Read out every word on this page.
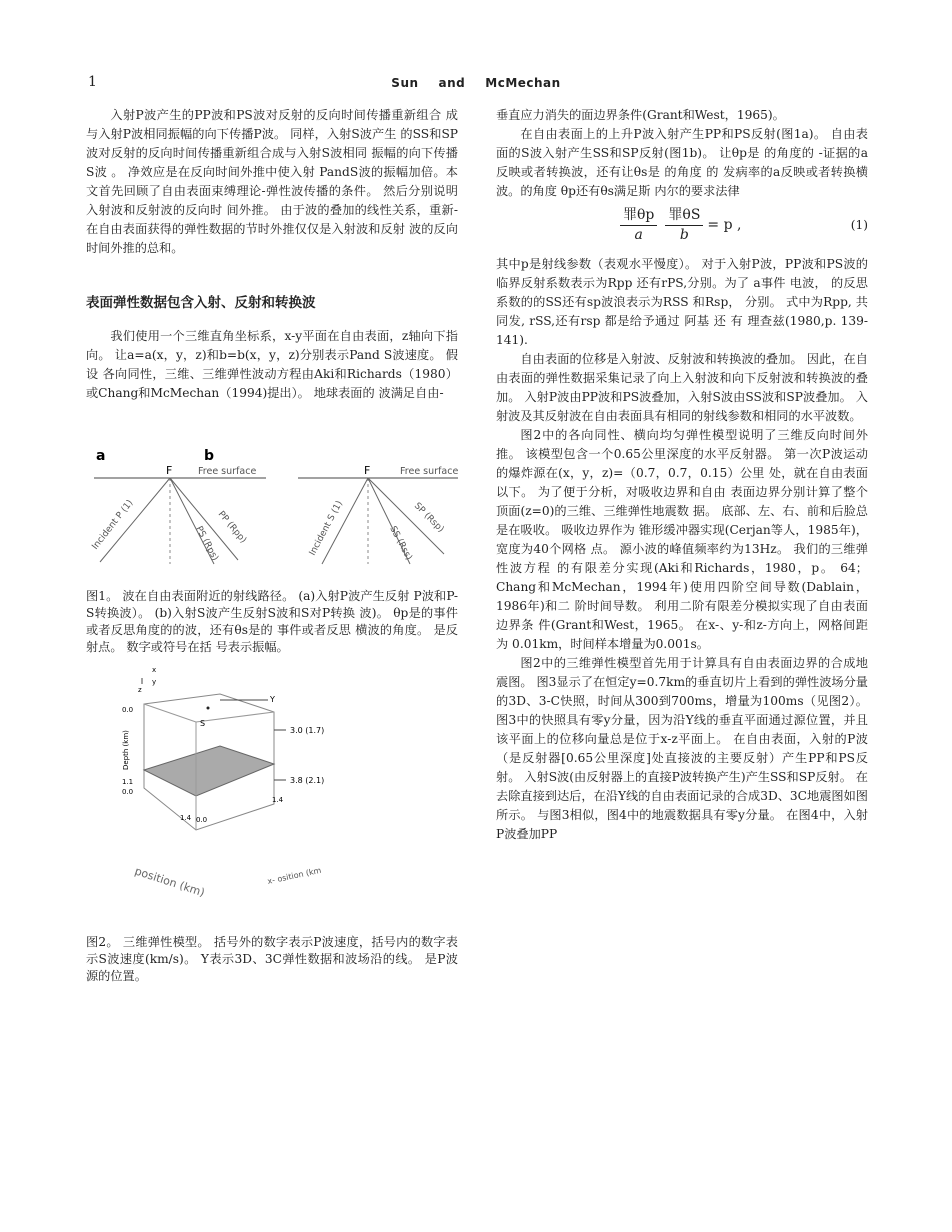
1	Sun and McMechan

入射P波产生的PP波和PS波对反射的反向时间传播重新组合 成与入射P波相同振幅的向下传播P波。 同样，入射S波产生 的SS和SP波对反射的反向时间传播重新组合成与入射S波相同 振幅的向下传播S波 。 净效应是在反向时间外推中使入射 PandS波的振幅加倍。本文首先回顾了自由表面束缚理论-弹性波传播的条件。 然后分别说明入射波和反射波的反向时 间外推。 由于波的叠加的线性关系，重新-在自由表面获得的弹性数据的节时外推仅仅是入射波和反射 波的反向时间外推的总和。

表面弹性数据包含入射、反射和转换波

我们使用一个三维直角坐标系，x-y平面在自由表面，z轴向下指向。 让a=a(x，y，z)和b=b(x，y，z)分别表示Pand S波速度。 假设 各向同性，三维、三维弹性波动方程由Aki和Richards（1980）或Chang和McMechan（1994)提出）。 地球表面的 波满足自由-

a	b
F	Free surface
Incident P (1)	PS (Rps)
PP (Rpp)
F	Free surface
Incident S (1)	SS (Rss)
SP (Rsp)

图1。 波在自由表面附近的射线路径。 (a)入射P波产生反射 P波和P-S转换波）。 (b)入射S波产生反射S波和S对P转换 波)。 θp是的事件或者反思角度的的波，还有θs是的 事件或者反思 横波的角度。 是反射点。 数字或符号在括 号表示振幅。

z
x
y
S
Y
3.0 (1.7)
3.8 (2.1)
Depth (km)
0.0
1.1
0.0
1.4 0.0
1.4
position (km)	x- osition (km

图2。 三维弹性模型。 括号外的数字表示P波速度，括号内的数字表示S波速度(km/s)。 Y表示3D、3C弹性数据和波场沿的线。 是P波源的位置。

垂直应力消失的面边界条件(Grant和West，1965)。

在自由表面上的上升P波入射产生PP和PS反射(图1a)。 自由表面的S波入射产生SS和SP反射(图1b)。 让θp是 的角度的 -证据的a反映或者转换波，还有让θs是 的角度 的 发病率的a反映或者转换横波。的角度 θp还有θs满足斯 内尔的要求法律

$\frac{\text{罪θp}}{a} \frac{\text{罪θS}}{b} = p$ ,	(1)

其中p是射线参数（表观水平慢度）。 对于入射P波，PP波和PS波的临界反射系数表示为Rpp 还有rPS,分别。为了 a事件 电波， 的反思系数的的SS还有sp波浪表示为RSS 和Rsp， 分别。 式中为Rpp, 共同发, rSS,还有rsp 都是给予通过 阿基 还 有 理查兹(1980,p. 139-141).

自由表面的位移是入射波、反射波和转换波的叠加。 因此，在自由表面的弹性数据采集记录了向上入射波和向下反射波和转换波的叠加。 入射P波由PP波和PS波叠加，入射S波由SS波和SP波叠加。 入射波及其反射波在自由表面具有相同的射线参数和相同的水平波数。

图2中的各向同性、横向均匀弹性模型说明了三维反向时间外推。 该模型包含一个0.65公里深度的水平反射器。 第一次P波运动的爆炸源在(x，y，z)=（0.7，0.7，0.15）公里 处，就在自由表面以下。 为了便于分析，对吸收边界和自由 表面边界分别计算了整个顶面(z=0)的三维、三维弹性地震数 据。 底部、左、右、前和后脸总是在吸收。 吸收边界作为 锥形缓冲器实现(Cerjan等人，1985年)，宽度为40个网格 点。 源小波的峰值频率约为13Hz。 我们的三维弹性波方程 的有限差分实现(Aki和Richards，1980，p。 64；Chang和McMechan，1994年)使用四阶空间导数(Dablain，1986年)和二 阶时间导数。 利用二阶有限差分模拟实现了自由表面边界条 件(Grant和West，1965。 在x-、y-和z-方向上，网格间距为 0.01km，时间样本增量为0.001s。

图2中的三维弹性模型首先用于计算具有自由表面边界的合成地震图。 图3显示了在恒定y=0.7km的垂直切片上看到的弹性波场分量的3D、3-C快照，时间从300到700ms，增量为100ms（见图2）。 图3中的快照具有零y分量，因为沿Y线的垂直平面通过源位置，并且该平面上的位移向量总是位于x-z平面上。 在自由表面，入射的P波（是反射器[0.65公里深度]处直接波的主要反射）产生PP和PS反射。 入射S波(由反射器上的直接P波转换产生)产生SS和SP反射。 在去除直接到达后，在沿Y线的自由表面记录的合成3D、3C地震图如图所示。 与图3相似，图4中的地震数据具有零y分量。 在图4中，入射P波叠加PP
